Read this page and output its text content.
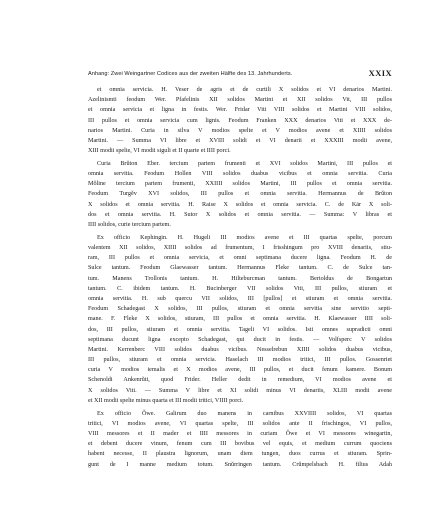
Anhang: Zwei Weingartner Codices aus der zweiten Hälfte des 13. Jahrhunderts.	XXIX
et omnia servicia. H. Veser de agris et de curtili X solidos et VI denarios Martini.
Azelinismti feodum Wer. Pfafelinis XII solidos Martini et XII solidos Vit, III pullos
et omnia servicia et ligna in festis. Wer. Fridar Viti VIII solidos et Martini VIII solidos,
III pullos et omnia servicia cum lignis. Feodum Franken XXX denarios Viti et XXX de-
narios Martini. Curia in silva V modios spelte et V modios avene et XIIII solidos
Martini. — Summa VI libre et XVIII solidi et VI denarii et XXXIII modii avene,
XIII modii spelte, VI modii siguli et II quarte et IIII porci.
Curia Brŭton Eber. tercium partem frumenti et XVI solidos Martini, III pullos et
omnia servitia. Feodum Hollen VIII solidos duabus vicibus et omnia servitia. Curia
Mŏline tercium partem frumenti, XXIIII solidos Martini, III pullos et omnia servitia.
Feodum Turgĕv XVI solidos, III pullos et omnia servitia. Hermannus de Brŭton
X solidos et omnia servitia. H. Raise X solidos et omnia servicia. C. de Kār X soli-
dos et omnia servitia. H. Sutor X solidos et omnia servitia. — Summa: V libras et
IIII solidos, curie tercium partem.
Ex officio Kephingin. H. Hugeli III modios avene et III quartas spelte, porcum
valentem XII solidos, XIIII solidos ad frumentum, I frisshingum pro XVIII denariis, stiu-
ram, III pullos et omnia servicia, et omni septimana ducere ligna. Feodum H. de
Sulce tantum. Feodum Glaewasser tantum. Hermannus Fleke tantum. C. de Sulce tan-
tum. Manens Trollonis tantum. H. Hilteburcman tantum. Bertoldus de Bongartun
tantum. C. ibidem tantum. H. Bucinberger VII solidos Viti, III pullos, stiuram et
omnia servitia. H. sub quercu VII solidos, III [pullos] et stiuram et omnia servitia.
Feodum Schadegast X solidos, III pullos, stiuram et omnia servitia sine servitio septi-
mane. F. Fleke X solidos, stiuram, III pullos et omnia servitia. H. Klaewasser IIII soli-
dos, III pullos, stiuram et omnia servitia. Tageli VI solidos. Isti omnes supradicti omni
septimana ducunt ligna excepto Schadegast, qui ducit in festis. — Volfsperc V solidos
Martini. Kerrenberc VIII solidos duabus vicibus. Nesselrebun XIIII solidos duabus vicibus,
III pullos, stiuram et omnia servicia. Haselach III modios tritici, III pullos. Gossenriet
curia V modios iemalis et X modios avene, III pullos, et ducit fenum kamere. Bonum
Schenoldi Ankenrŭti, quod Frider. Heller dedit in remedium, VI modios avene et
X solidos Viti. — Summa V libre et XI solidi minus VI denariis, XLIII modii avene
et XII modii spelte minus quarta et III modii tritici, VIIII porci.
Ex officio Ŏwe. Galirum duo manens in carnibus XXVIIII solidos, VI quartas
tritici, VI modios avene, VI quartas spelte, III solidos ante II frischingos, VI pullos,
VIII messores et II mader et IIII messores in curiam Ŏwe et VI messores winegartin,
et debent ducere vinum, fenum cum III bovibus vel equis, et medium currum quociens
habent necesse, II plaustra lignorum, unam diem tungen, duos currus et stiuram. Sprin-
gunt de I manne medium totum. Snŭrringen tantum. Crŭmpelsbach H. filius Adah
